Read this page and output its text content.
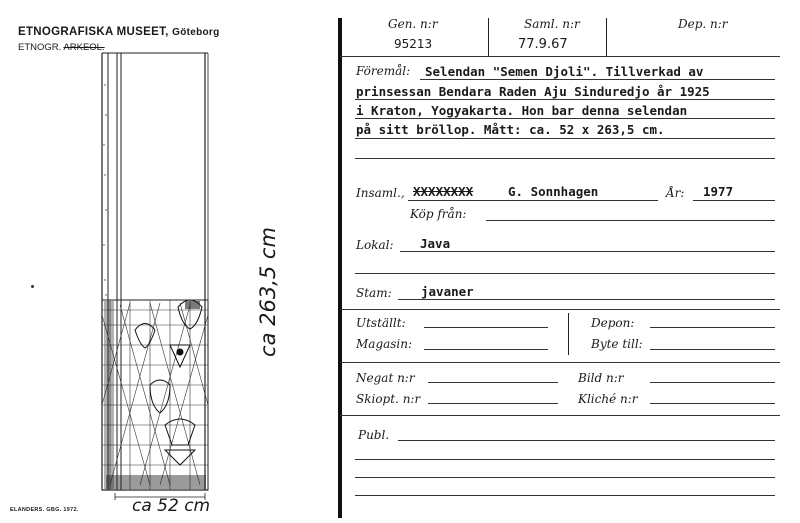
ETNOGRAFISKA MUSEET, Göteborg
ETNOGR. ARKEOL.
ca 52 cm
ca 263,5 cm
ELANDERS. GBG. 1972.
Gen. n:r
95213
Saml. n:r
77.9.67
Dep. n:r
Föremål: Selendan "Semen Djoli". Tillverkad av
prinsessan Bendara Raden Aju Sinduredjo år 1925
i Kraton, Yogyakarta. Hon bar denna selendan
på sitt bröllop. Mått: ca. 52 x 263,5 cm.
Insaml., XXXXXXXX	G. Sonnhagen	År: 1977
Köp från:
Lokal: Java
Stam: javaner
Utställt:
Magasin:
Depon:
Byte till:
Negat n:r	Bild n:r
Skiopt. n:r	Kliché n:r
Publ.
